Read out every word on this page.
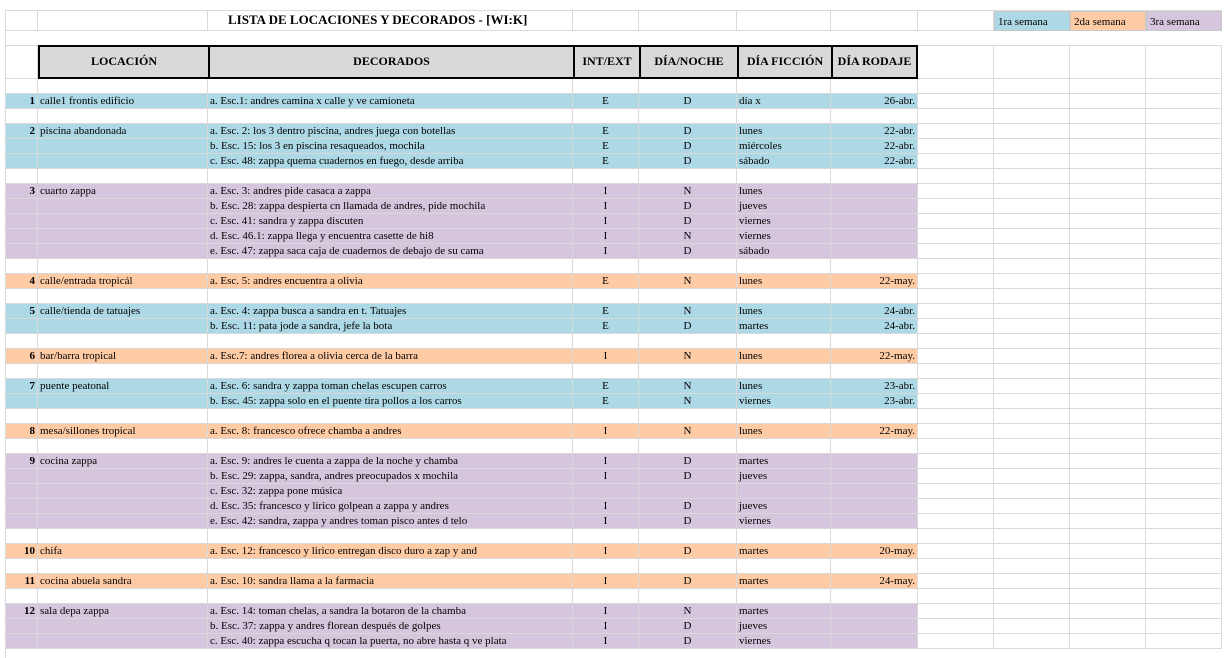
LISTA DE LOCACIONES Y DECORADOS - [WI:K]	1ra semana	2da semana	3ra semana
LOCACIÓN	DECORADOS	INT/EXT	DÍA/NOCHE	DÍA FICCIÓN	DÍA RODAJE
1 calle1 frontis edificio	a. Esc.1: andres camina x calle y ve camioneta	E	D	día x	26-abr.
2 piscina abandonada	a. Esc. 2: los 3 dentro piscina, andres juega con botellas	E	D	lunes	22-abr.
b. Esc. 15: los 3 en piscina resaqueados, mochila	E	D	miércoles	22-abr.
c. Esc. 48: zappa quema cuadernos en fuego, desde arriba	E	D	sábado	22-abr.
3 cuarto zappa	a. Esc. 3: andres pide casaca a zappa	I	N	lunes
b. Esc. 28: zappa despierta cn llamada de andres, pide mochila	I	D	jueves
c. Esc. 41: sandra y zappa discuten	I	D	viernes
d. Esc. 46.1: zappa llega y encuentra casette de hi8	I	N	viernes
e. Esc. 47: zappa saca caja de cuadernos de debajo de su cama	I	D	sábado
4 calle/entrada tropicál	a. Esc. 5: andres encuentra a olivia	E	N	lunes	22-may.
5 calle/tienda de tatuajes	a. Esc. 4: zappa busca a sandra en t. Tatuajes	E	N	lunes	24-abr.
b. Esc. 11: pata jode a sandra, jefe la bota	E	D	martes	24-abr.
6 bar/barra tropical	a. Esc.7: andres florea a olivia cerca de la barra	I	N	lunes	22-may.
7 puente peatonal	a. Esc. 6: sandra y zappa toman chelas escupen carros	E	N	lunes	23-abr.
b. Esc. 45: zappa solo en el puente tira pollos a los carros	E	N	viernes	23-abr.
8 mesa/sillones tropical	a. Esc. 8: francesco ofrece chamba a andres	I	N	lunes	22-may.
9 cocina zappa	a. Esc. 9: andres le cuenta a zappa de la noche y chamba	I	D	martes
b. Esc. 29: zappa, sandra, andres preocupados x mochila	I	D	jueves
c. Esc. 32: zappa pone música
d. Esc. 35: francesco y lirico golpean a zappa y andres	I	D	jueves
e. Esc. 42: sandra, zappa y andres toman pisco antes d telo	I	D	viernes
10 chifa	a. Esc. 12: francesco y lirico entregan disco duro a zap y and	I	D	martes	20-may.
11 cocina abuela sandra	a. Esc. 10: sandra llama a la farmacia	I	D	martes	24-may.
12 sala depa zappa	a. Esc. 14: toman chelas, a sandra la botaron de la chamba	I	N	martes
b. Esc. 37: zappa y andres florean después de golpes	I	D	jueves
c. Esc. 40: zappa escucha q tocan la puerta, no abre hasta q ve plata	I	D	viernes
